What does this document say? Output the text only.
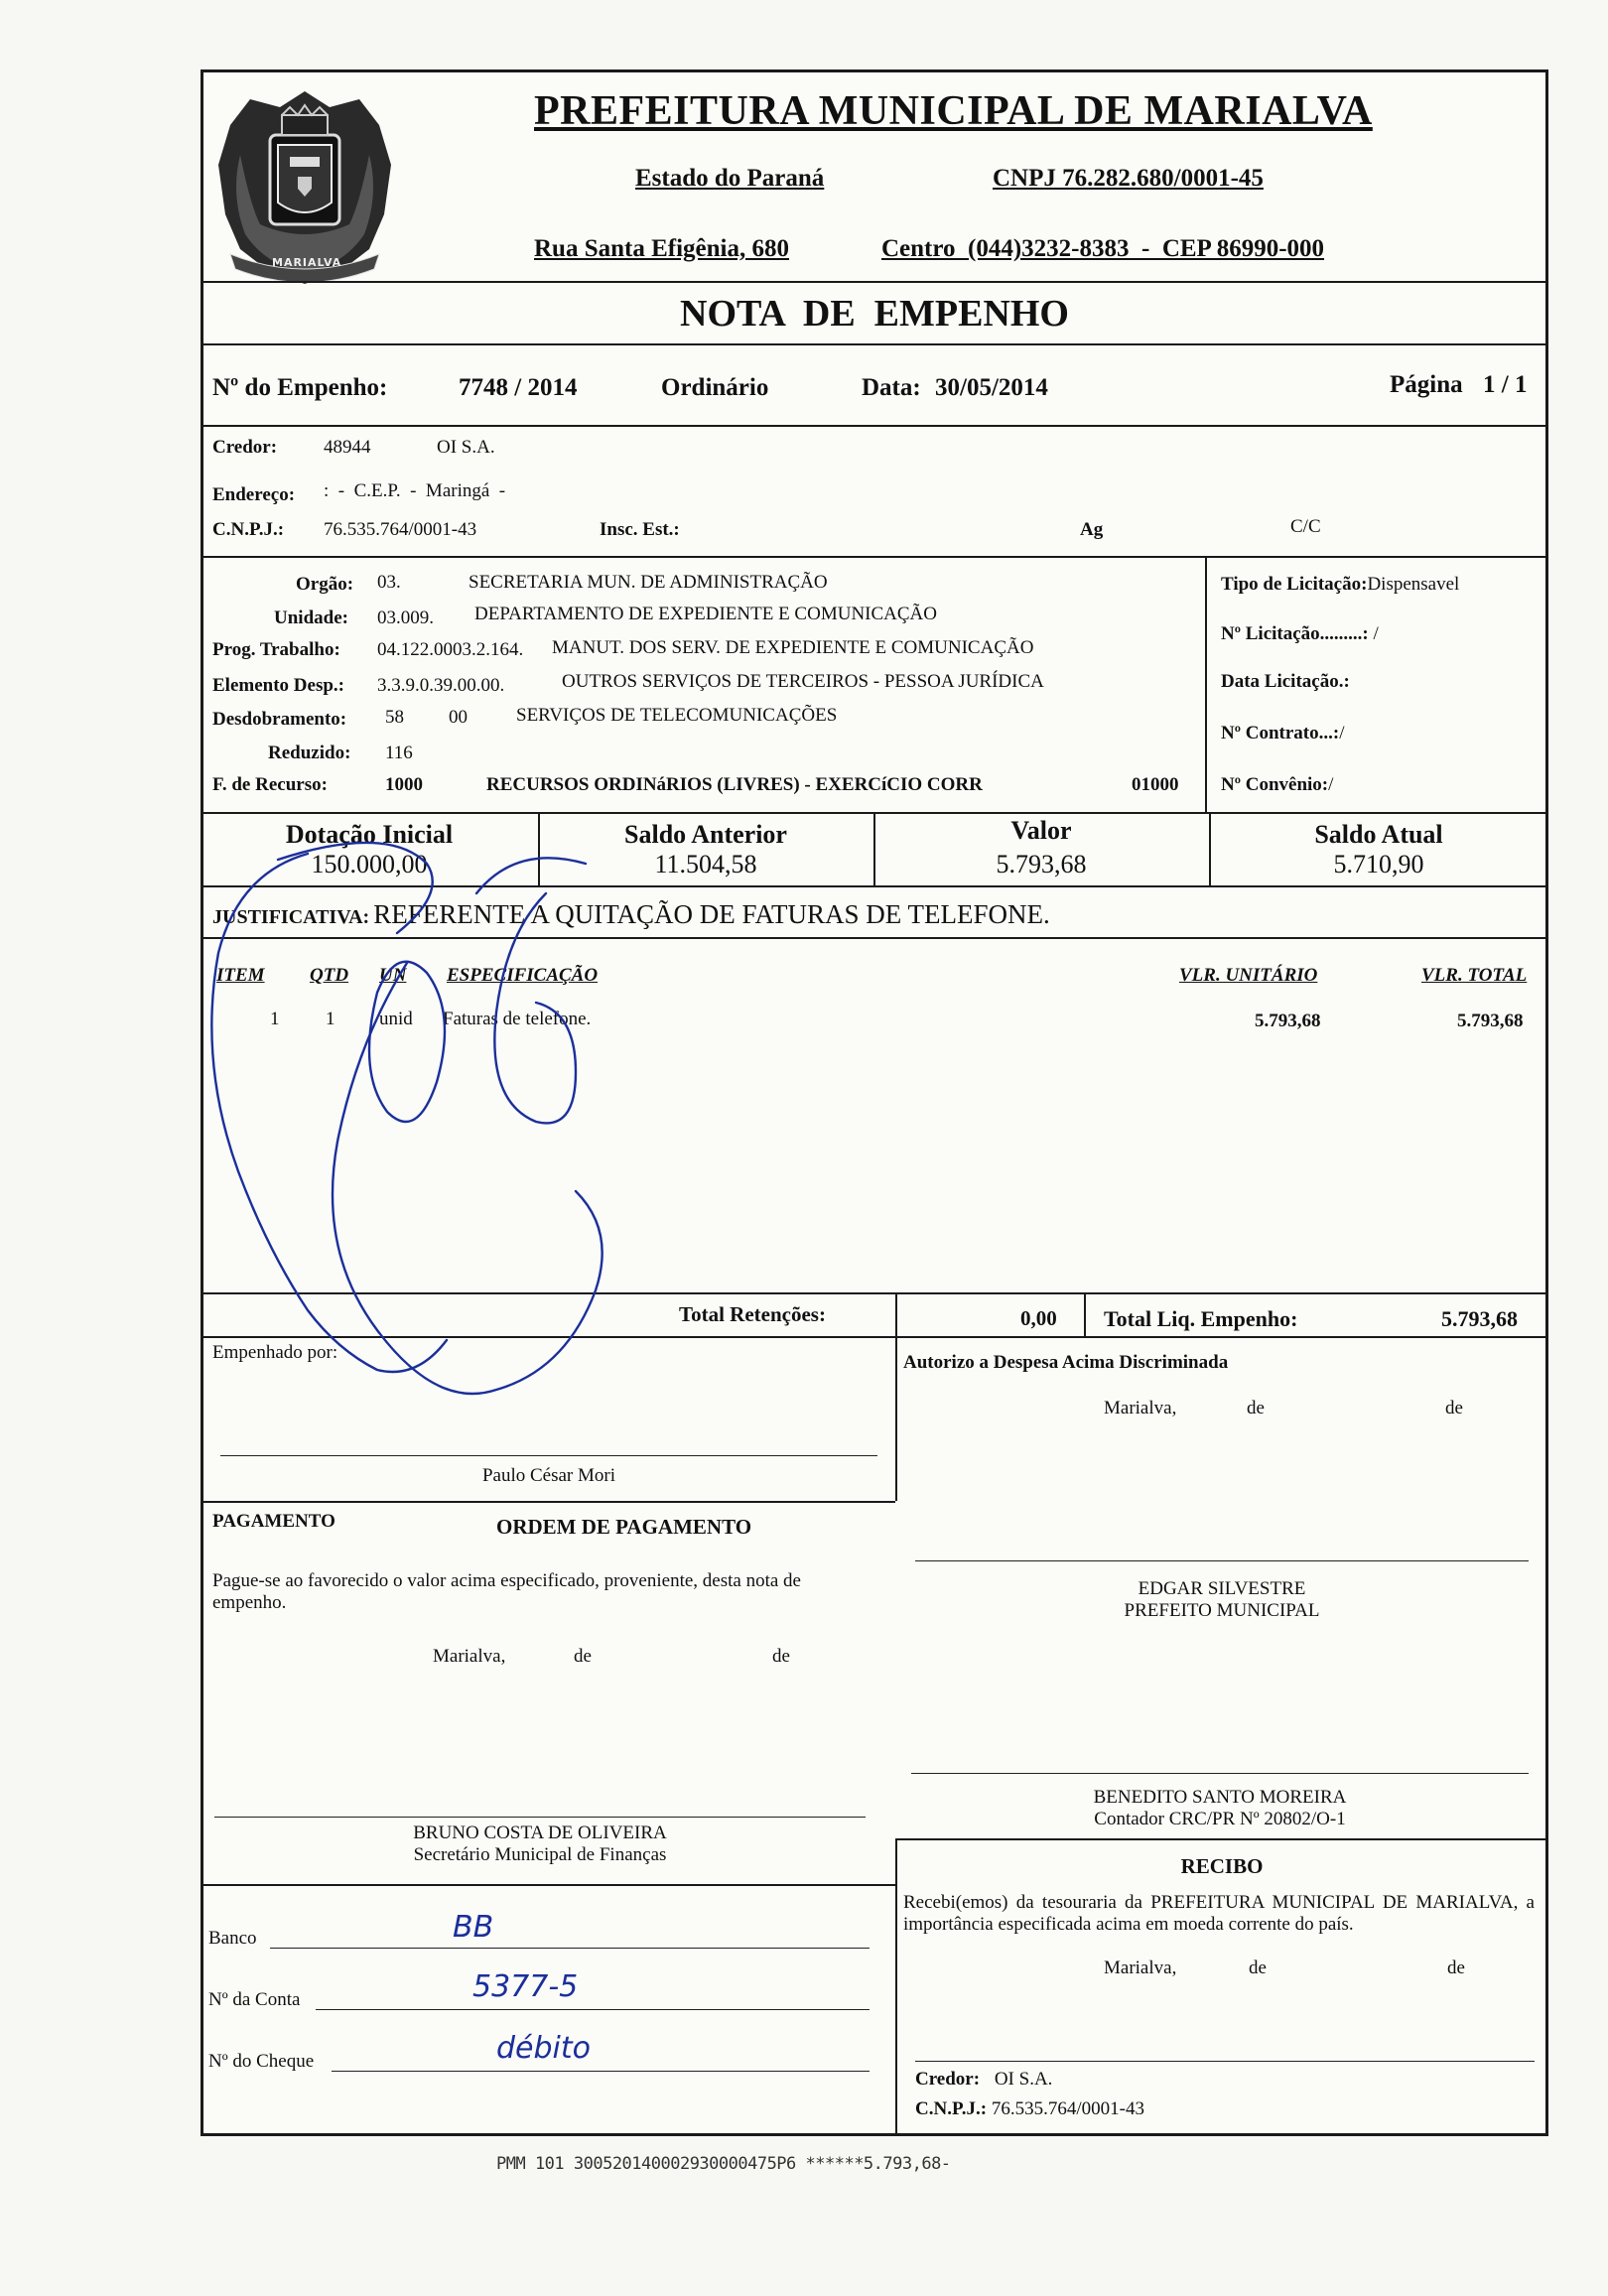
MARIALVA
PREFEITURA MUNICIPAL DE MARIALVA
Estado do Paraná	CNPJ 76.282.680/0001-45
Rua Santa Efigênia, 680	Centro  (044)3232-8383  -  CEP 86990-000
NOTA  DE  EMPENHO
Nº do Empenho:	7748 / 2014	Ordinário	Data: 30/05/2014	Página 1 / 1
Credor: 48944	OI S.A.
Endereço: :  -  C.E.P.  -  Maringá  -
C.N.P.J.: 76.535.764/0001-43	Insc. Est.:	Ag	C/C
Orgão: 03.	SECRETARIA MUN. DE ADMINISTRAÇÃO
Unidade: 03.009. DEPARTAMENTO DE EXPEDIENTE E COMUNICAÇÃO
Prog. Trabalho: 04.122.0003.2.164. MANUT. DOS SERV. DE EXPEDIENTE E COMUNICAÇÃO
Elemento Desp.: 3.3.9.0.39.00.00.	OUTROS SERVIÇOS DE TERCEIROS - PESSOA JURÍDICA
Desdobramento: 58 00	SERVIÇOS DE TELECOMUNICAÇÕES
Reduzido: 116
F. de Recurso:	1000	RECURSOS ORDINáRIOS (LIVRES) - EXERCíCIO CORR	01000
Tipo de Licitação:Dispensavel
Nº Licitação.........: /
Data Licitação.:
Nº Contrato...:/
Nº Convênio:/
Dotação Inicial
150.000,00
Saldo Anterior
11.504,58
Valor
5.793,68
Saldo Atual
5.710,90
JUSTIFICATIVA: REFERENTE A QUITAÇÃO DE FATURAS DE TELEFONE.
ITEM QTD UN ESPECIFICAÇÃO	VLR. UNITÁRIO	VLR. TOTAL
1 1 unid Faturas de telefone.	5.793,68	5.793,68
Total Retenções:	0,00 Total Liq. Empenho:	5.793,68
Empenhado por:
Paulo César Mori
Autorizo a Despesa Acima Discriminada
Marialva,	de	de
PAGAMENTO	ORDEM DE PAGAMENTO
Pague-se ao favorecido o valor acima especificado, proveniente, desta nota de empenho.
Marialva,	de	de
BRUNO COSTA DE OLIVEIRA
Secretário Municipal de Finanças
EDGAR SILVESTRE
PREFEITO MUNICIPAL
BENEDITO SANTO MOREIRA
Contador CRC/PR Nº 20802/O-1
Banco	BB
Nº da Conta	5377-5
Nº do Cheque	débito
RECIBO
Recebi(emos) da tesouraria da PREFEITURA MUNICIPAL DE MARIALVA, a importância especificada acima em moeda corrente do país.
Marialva,	de	de
Credor: OI S.A.
C.N.P.J.: 76.535.764/0001-43
PMM 101 300520140002930000475P6 ******5.793,68-
